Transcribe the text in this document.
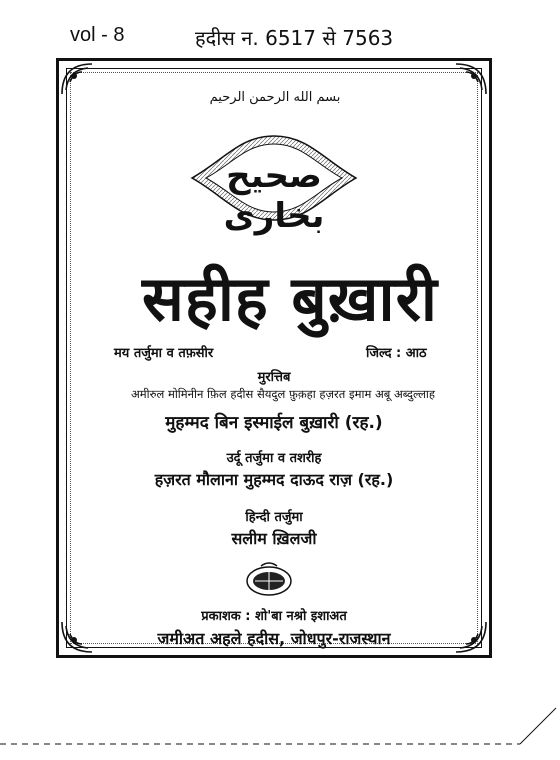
vol - 8	हदीस न. 6517 से 7563
بسم الله الرحمن الرحيم
صحيح بخارى
सहीह बुख़ारी
मय तर्जुमा व तफ़सीर	जिल्द : आठ
मुरत्तिब
अमीरुल मोमिनीन फ़िल हदीस सैयदुल फ़ुक़हा हज़रत इमाम अबू अब्दुल्लाह
मुहम्मद बिन इस्माईल बुख़ारी (रह.)
उर्दू तर्जुमा व तशरीह
हज़रत मौलाना मुहम्मद दाऊद राज़ (रह.)
हिन्दी तर्जुमा
सलीम ख़िलजी
प्रकाशक : शो'बा नश्रो इशाअत
जमीअत अहले हदीस, जोधपुर-राजस्थान
